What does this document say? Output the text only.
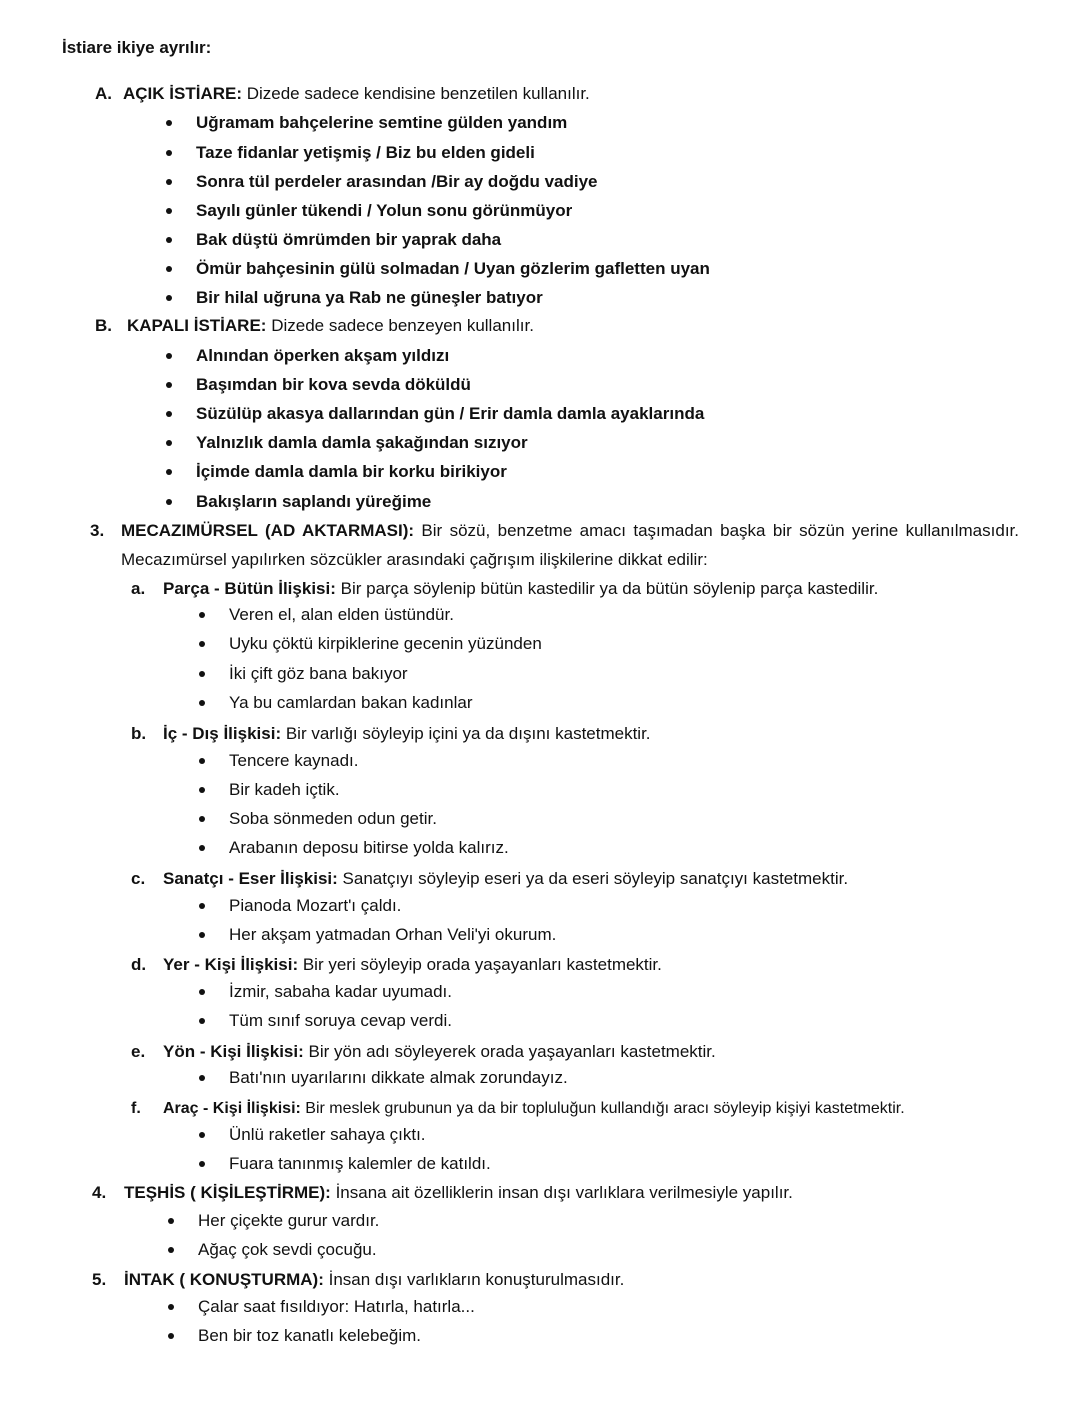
İstiare ikiye ayrılır:
A. AÇIK İSTİARE: Dizede sadece kendisine benzetilen kullanılır.
Uğramam bahçelerine semtine gülden yandım
Taze fidanlar yetişmiş / Biz bu elden gideli
Sonra tül perdeler arasından /Bir ay doğdu vadiye
Sayılı günler tükendi / Yolun sonu görünmüyor
Bak düştü ömrümden bir yaprak daha
Ömür bahçesinin gülü solmadan / Uyan gözlerim gafletten uyan
Bir hilal uğruna ya Rab ne güneşler batıyor
B. KAPALI İSTİARE: Dizede sadece benzeyen kullanılır.
Alnından öperken akşam yıldızı
Başımdan bir kova sevda döküldü
Süzülüp akasya dallarından gün / Erir damla damla ayaklarında
Yalnızlık damla damla şakağından sızıyor
İçimde damla damla bir korku birikiyor
Bakışların saplandı yüreğime
3. MECAZIMÜRSEL (AD AKTARMASI): Bir sözü, benzetme amacı taşımadan başka bir sözün yerine kullanılmasıdır. Mecazımürsel yapılırken sözcükler arasındaki çağrışım ilişkilerine dikkat edilir:
a. Parça - Bütün İlişkisi: Bir parça söylenip bütün kastedilir ya da bütün söylenip parça kastedilir.
Veren el, alan elden üstündür.
Uyku çöktü kirpiklerine gecenin yüzünden
İki çift göz bana bakıyor
Ya bu camlardan bakan kadınlar
b. İç - Dış İlişkisi: Bir varlığı söyleyip içini ya da dışını kastetmektir.
Tencere kaynadı.
Bir kadeh içtik.
Soba sönmeden odun getir.
Arabanın deposu bitirse yolda kalırız.
c. Sanatçı - Eser İlişkisi: Sanatçıyı söyleyip eseri ya da eseri söyleyip sanatçıyı kastetmektir.
Pianoda Mozart'ı çaldı.
Her akşam yatmadan Orhan Veli'yi okurum.
d. Yer - Kişi İlişkisi: Bir yeri söyleyip orada yaşayanları kastetmektir.
İzmir, sabaha kadar uyumadı.
Tüm sınıf soruya cevap verdi.
e. Yön - Kişi İlişkisi: Bir yön adı söyleyerek orada yaşayanları kastetmektir.
Batı'nın uyarılarını dikkate almak zorundayız.
f. Araç - Kişi İlişkisi: Bir meslek grubunun ya da bir topluluğun kullandığı aracı söyleyip kişiyi kastetmektir.
Ünlü raketler sahaya çıktı.
Fuara tanınmış kalemler de katıldı.
4. TEŞHİS ( KİŞİLEŞTİRME): İnsana ait özelliklerin insan dışı varlıklara verilmesiyle yapılır.
Her çiçekte gurur vardır.
Ağaç çok sevdi çocuğu.
5. İNTAK ( KONUŞTURMA): İnsan dışı varlıkların konuşturulmasıdır.
Çalar saat fısıldıyor: Hatırla, hatırla...
Ben bir toz kanatlı kelebeğim.
